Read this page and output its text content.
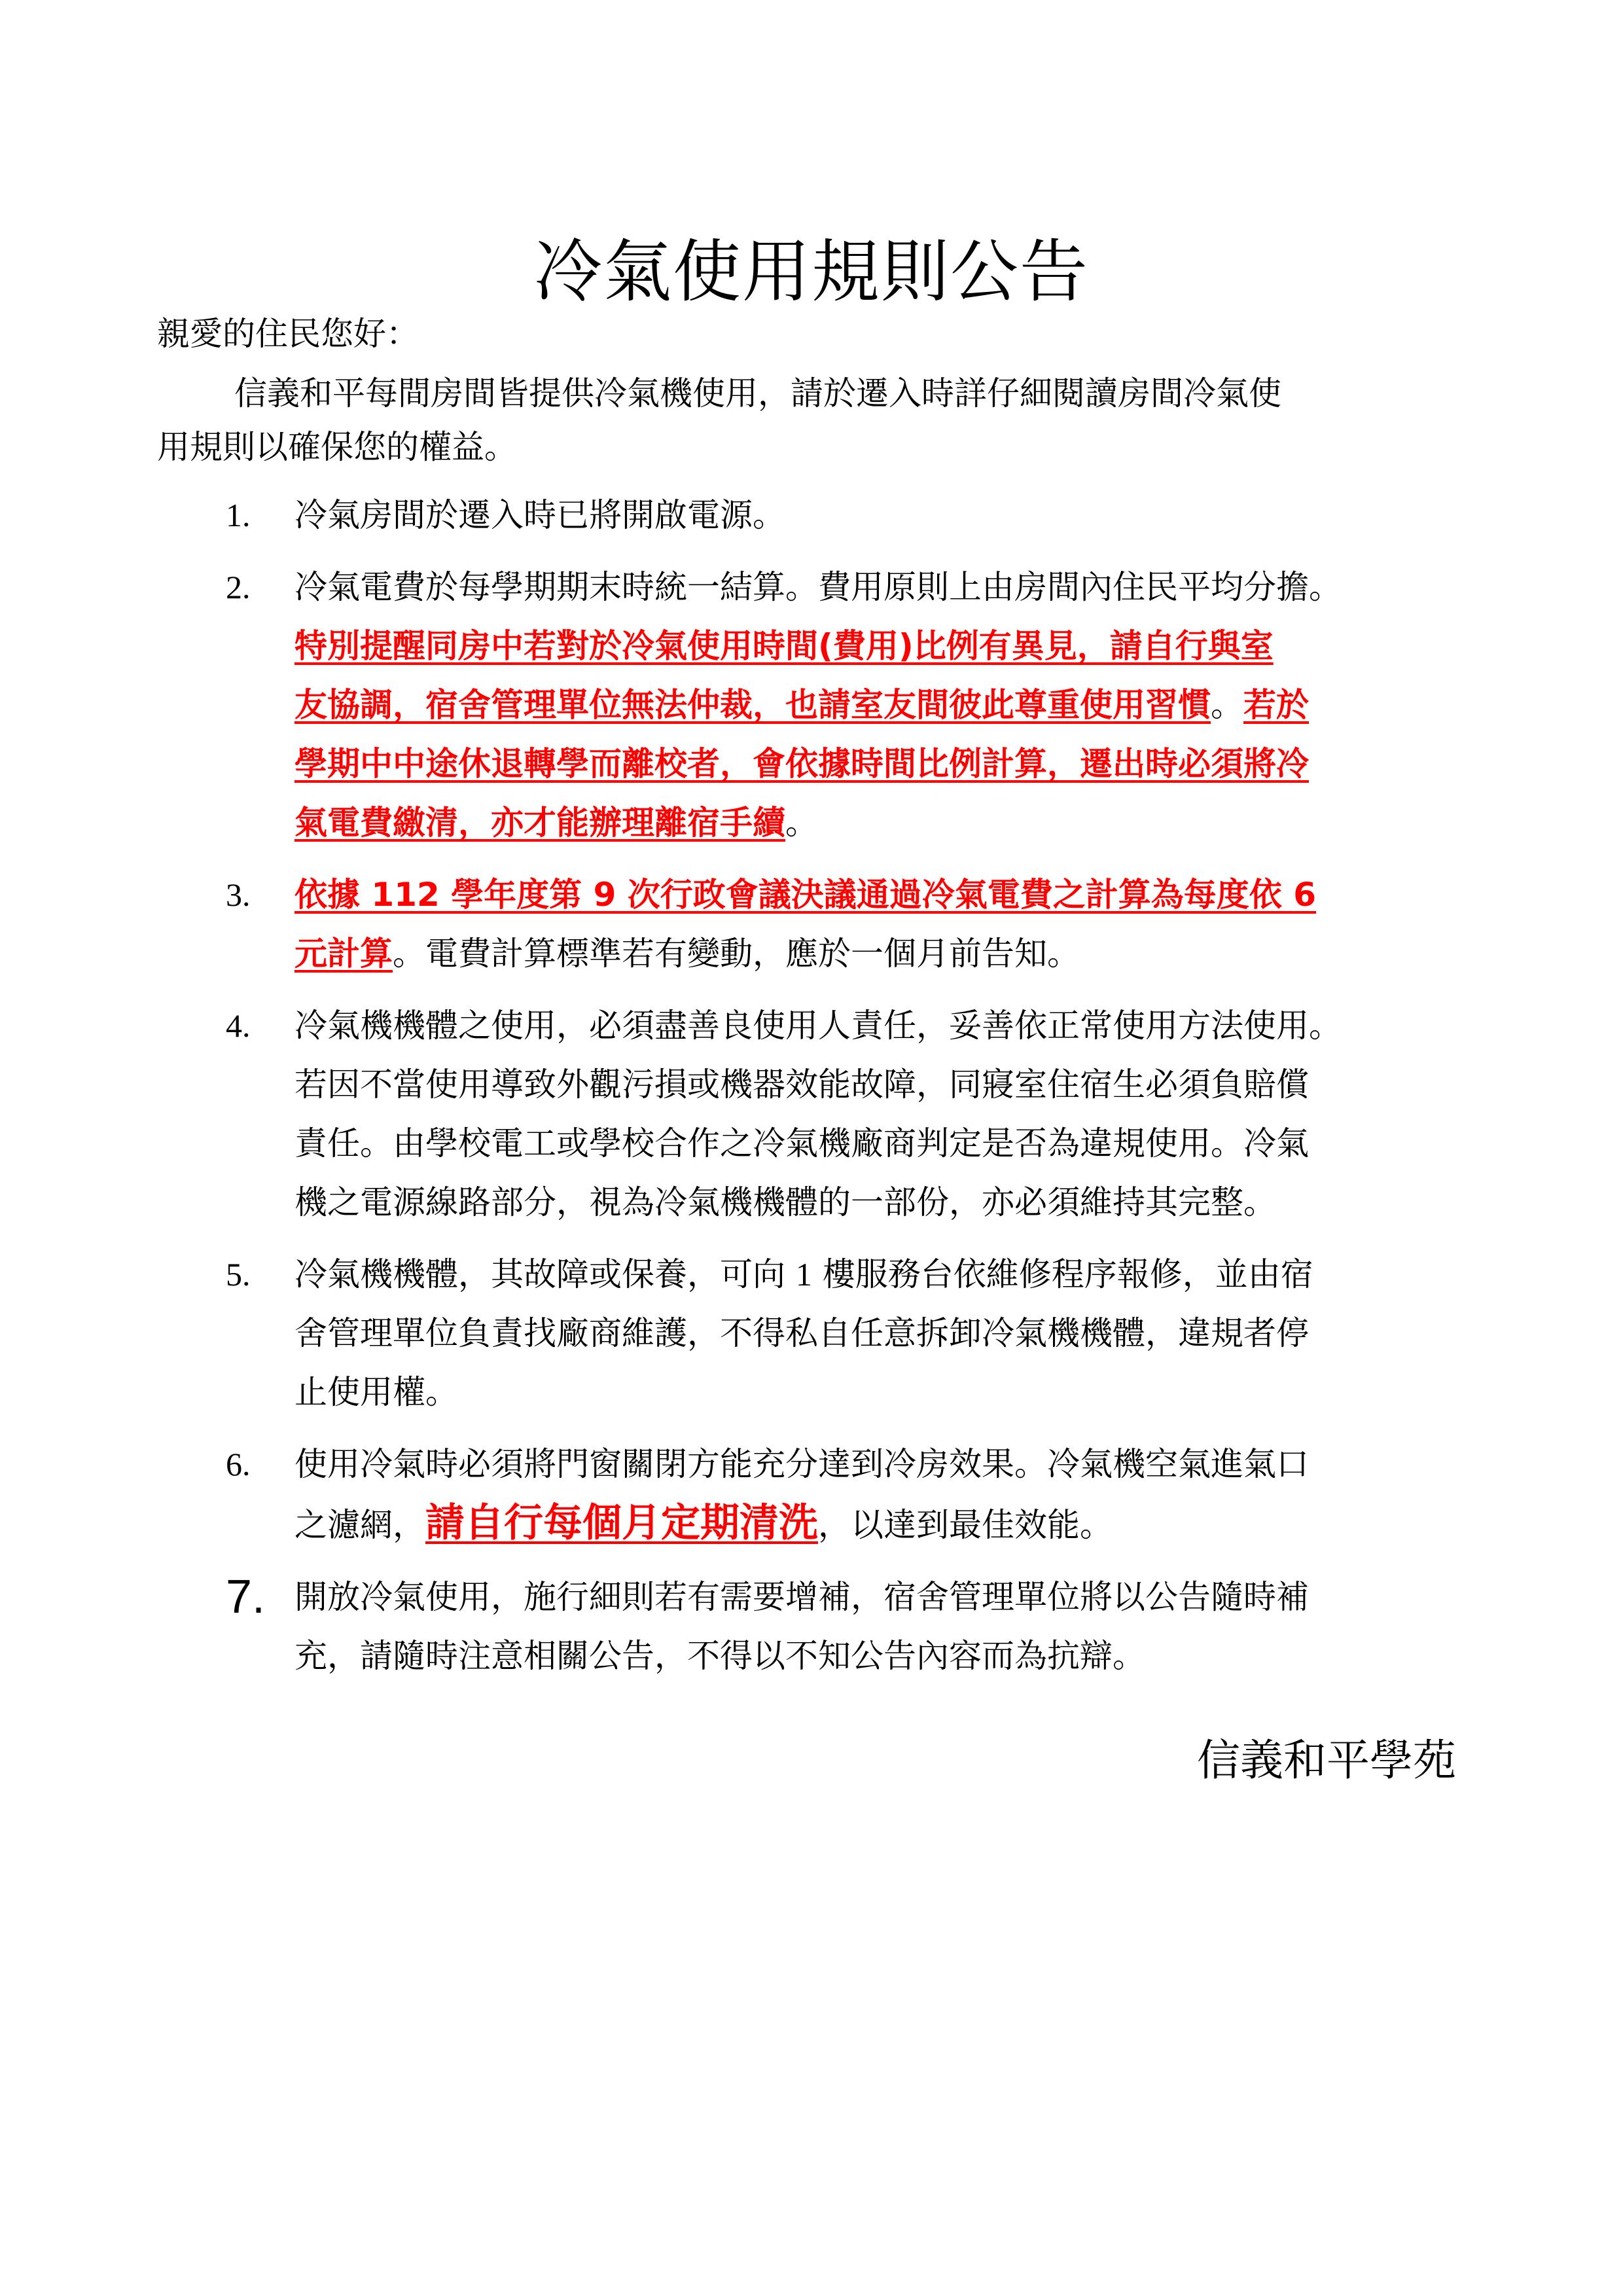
冷氣使用規則公告
親愛的住民您好：
信義和平每間房間皆提供冷氣機使用，請於遷入時詳仔細閱讀房間冷氣使
用規則以確保您的權益。
1.	冷氣房間於遷入時已將開啟電源。
2.	冷氣電費於每學期期末時統一結算。費用原則上由房間內住民平均分擔。
特別提醒同房中若對於冷氣使用時間(費用)比例有異見，請自行與室
友協調，宿舍管理單位無法仲裁，也請室友間彼此尊重使用習慣。若於
學期中中途休退轉學而離校者，會依據時間比例計算，遷出時必須將冷
氣電費繳清，亦才能辦理離宿手續。
3.	依據 112 學年度第 9 次行政會議決議通過冷氣電費之計算為每度依 6
元計算。電費計算標準若有變動，應於一個月前告知。
4.	冷氣機機體之使用，必須盡善良使用人責任，妥善依正常使用方法使用。
若因不當使用導致外觀污損或機器效能故障，同寢室住宿生必須負賠償
責任。由學校電工或學校合作之冷氣機廠商判定是否為違規使用。冷氣
機之電源線路部分，視為冷氣機機體的一部份，亦必須維持其完整。
5.	冷氣機機體，其故障或保養，可向 1 樓服務台依維修程序報修，並由宿
舍管理單位負責找廠商維護，不得私自任意拆卸冷氣機機體，違規者停
止使用權。
6.	使用冷氣時必須將門窗關閉方能充分達到冷房效果。冷氣機空氣進氣口
之濾網，請自行每個月定期清洗，以達到最佳效能。
7. 開放冷氣使用，施行細則若有需要增補，宿舍管理單位將以公告隨時補
充，請隨時注意相關公告，不得以不知公告內容而為抗辯。
信義和平學苑
